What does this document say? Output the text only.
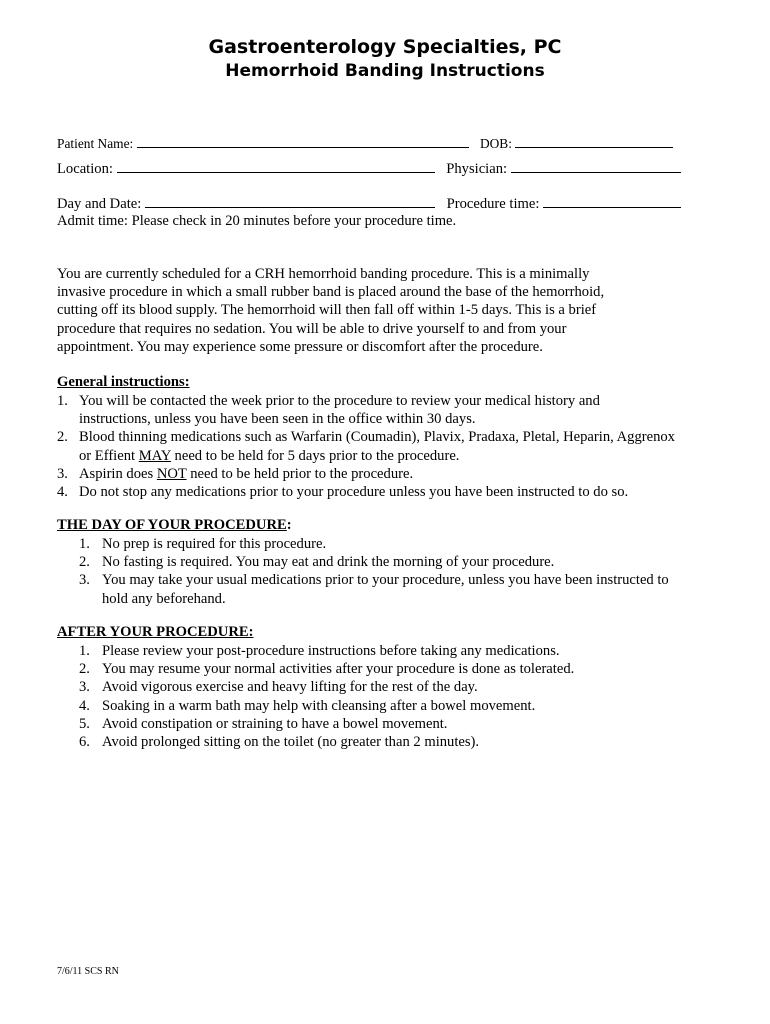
Gastroenterology Specialties, PC
Hemorrhoid Banding Instructions
Patient Name:	DOB:
Location:	Physician:
Day and Date:	Procedure time:
Admit time: Please check in 20 minutes before your procedure time.
You are currently scheduled for a CRH hemorrhoid banding procedure. This is a minimally invasive procedure in which a small rubber band is placed around the base of the hemorrhoid, cutting off its blood supply. The hemorrhoid will then fall off within 1-5 days. This is a brief procedure that requires no sedation. You will be able to drive yourself to and from your appointment. You may experience some pressure or discomfort after the procedure.
General instructions:
1. You will be contacted the week prior to the procedure to review your medical history and
instructions, unless you have been seen in the office within 30 days.
2. Blood thinning medications such as Warfarin (Coumadin), Plavix, Pradaxa, Pletal, Heparin, Aggrenox
or Effient MAY need to be held for 5 days prior to the procedure.
3. Aspirin does NOT need to be held prior to the procedure.
4. Do not stop any medications prior to your procedure unless you have been instructed to do so.
THE DAY OF YOUR PROCEDURE:
1. No prep is required for this procedure.
2. No fasting is required. You may eat and drink the morning of your procedure.
3. You may take your usual medications prior to your procedure, unless you have been instructed to
hold any beforehand.
AFTER YOUR PROCEDURE:
1. Please review your post-procedure instructions before taking any medications.
2. You may resume your normal activities after your procedure is done as tolerated.
3. Avoid vigorous exercise and heavy lifting for the rest of the day.
4. Soaking in a warm bath may help with cleansing after a bowel movement.
5. Avoid constipation or straining to have a bowel movement.
6. Avoid prolonged sitting on the toilet (no greater than 2 minutes).
7/6/11 SCS RN
